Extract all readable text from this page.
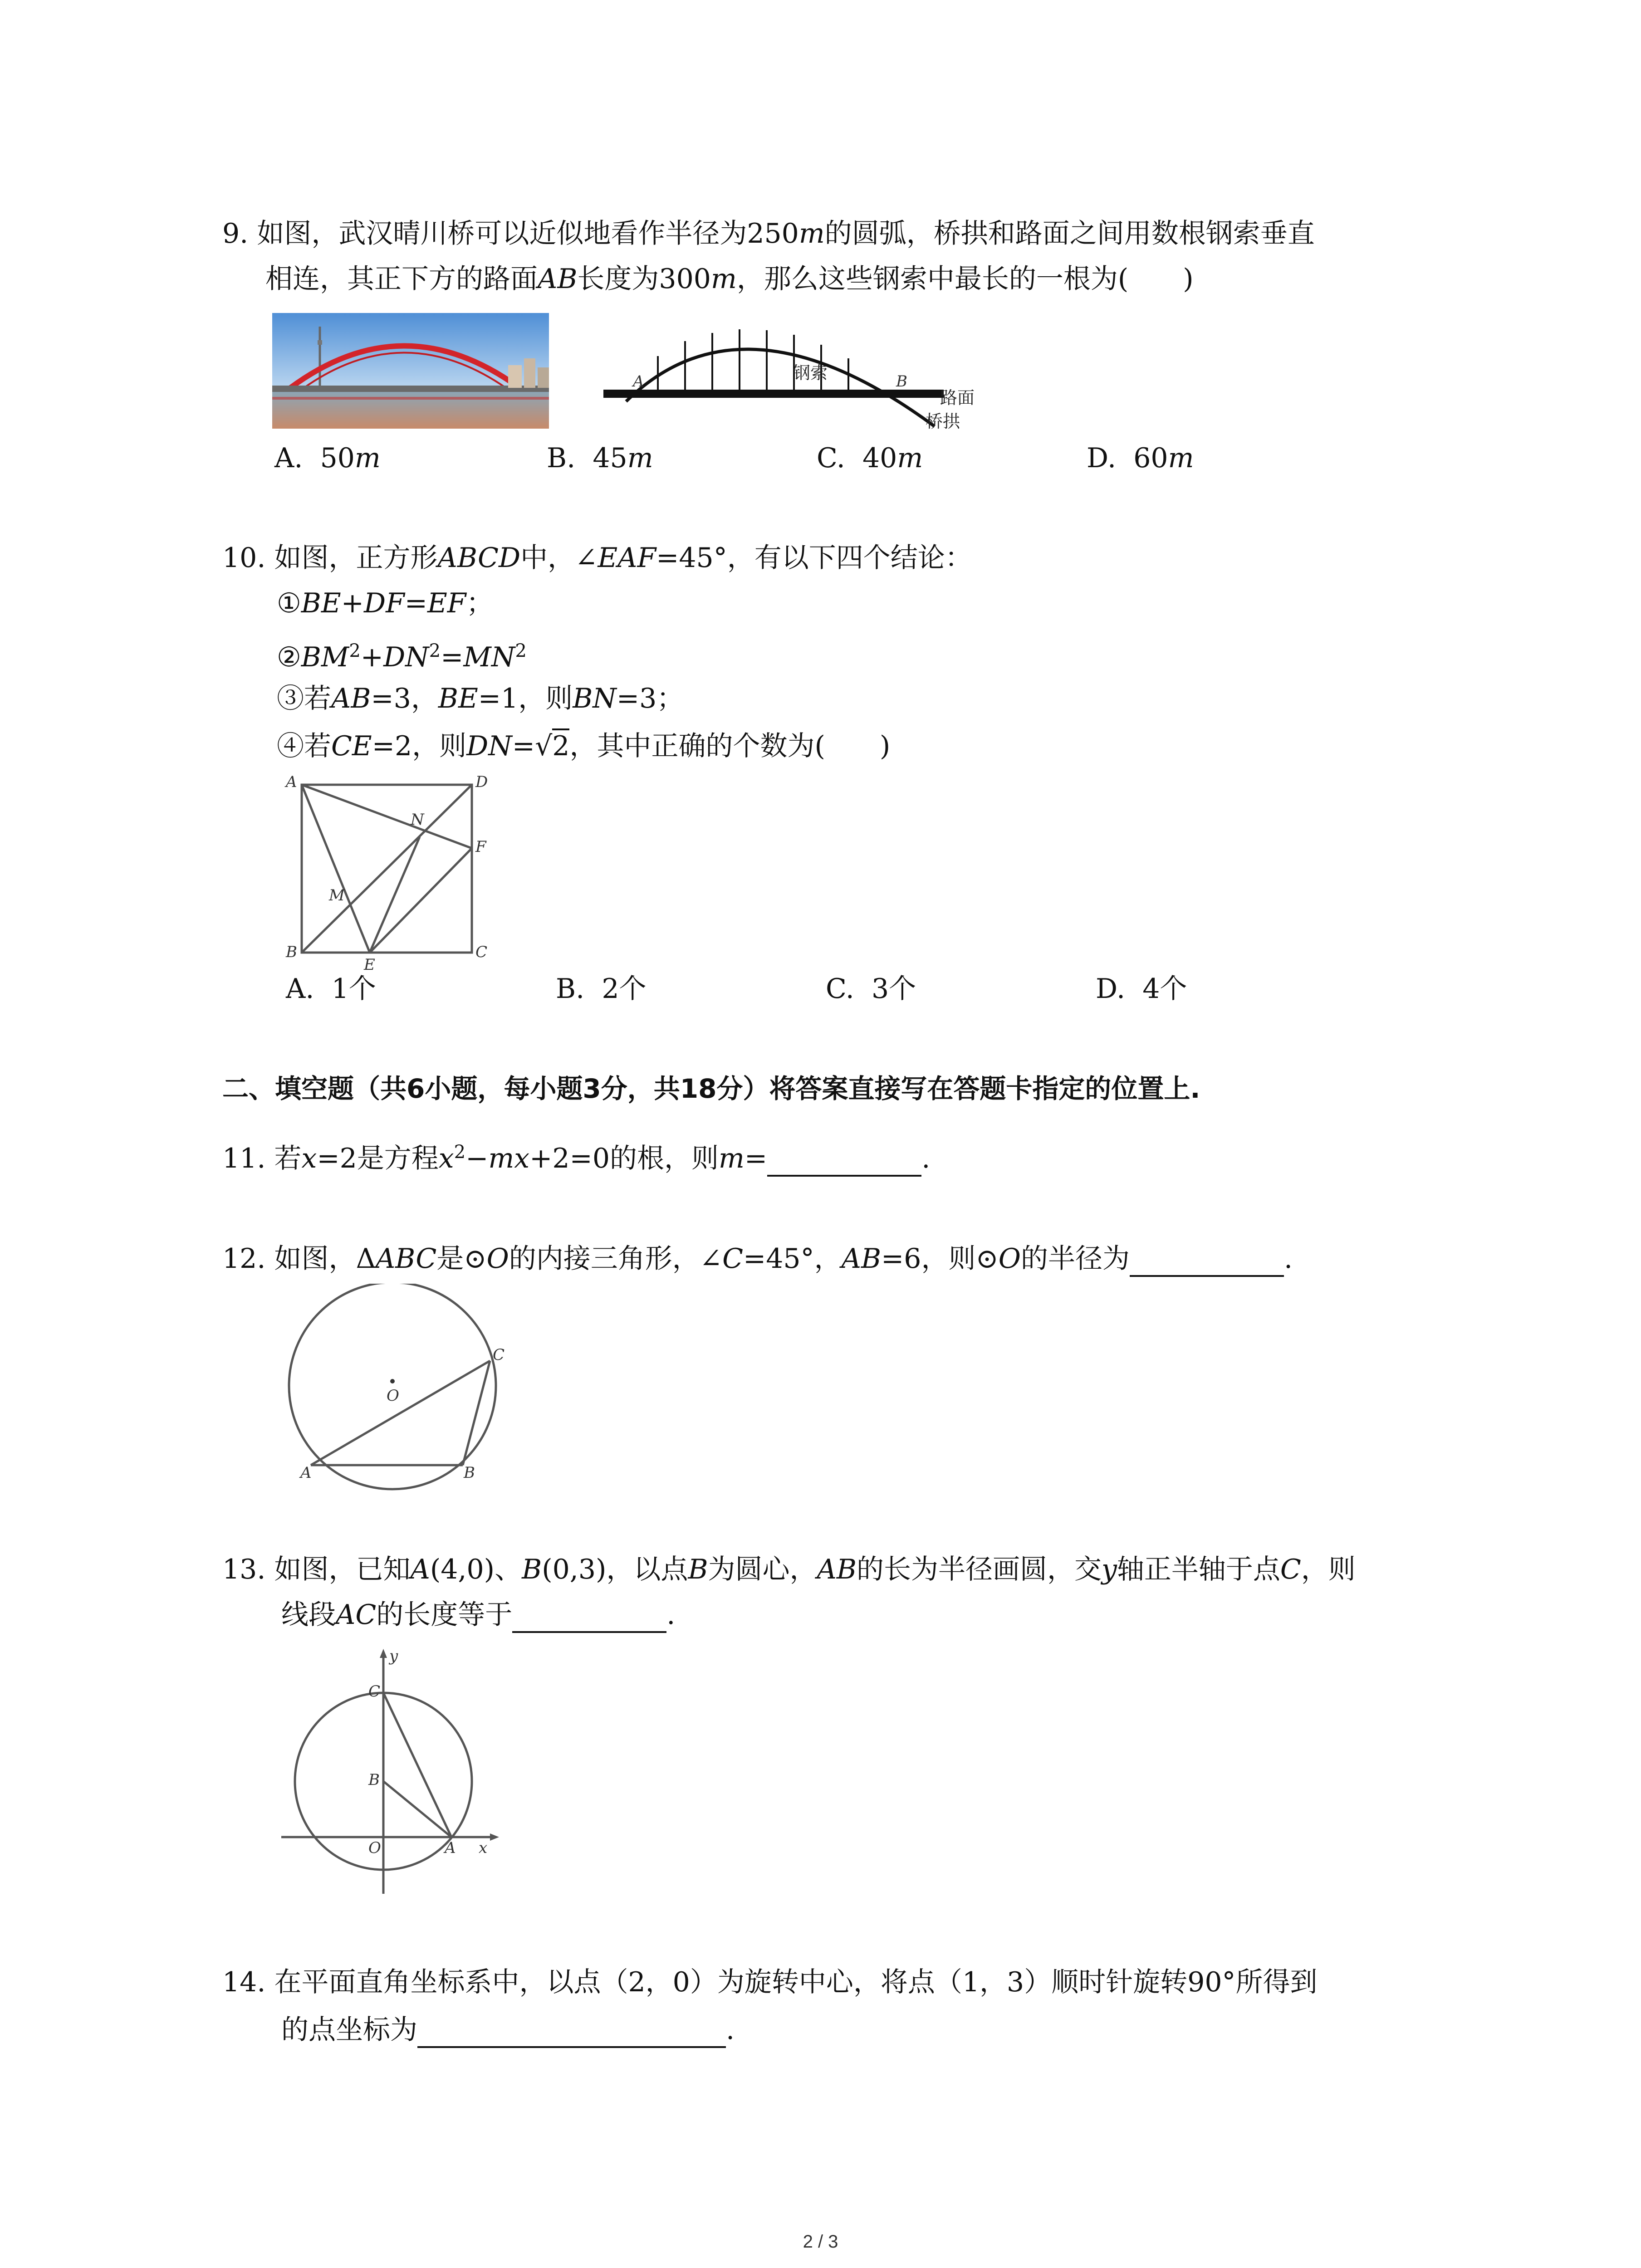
9. 如图，武汉晴川桥可以近似地看作半径为250m的圆弧，桥拱和路面之间用数根钢索垂直
相连，其正下方的路面AB长度为300m，那么这些钢索中最长的一根为(　　)
A	B
钢索
路面
桥拱
A. 50m	B. 45m	C. 40m	D. 60m
10. 如图，正方形ABCD中，∠EAF=45°，有以下四个结论：
①BE+DF=EF；
$②BM^2+DN^2=MN^2$
③若AB=3，BE=1，则BN=3；
④若CE=2，则DN=√2，其中正确的个数为(　　)
A	D
B	C
E
F
M
N
A. 1个	B. 2个	C. 3个	D. 4个
二、填空题（共6小题，每小题3分，共18分）将答案直接写在答题卡指定的位置上.
11. 若x=2是方程$x^2-mx+2=0$的根，则m=	.
12. 如图，ΔABC是⊙O的内接三角形，∠C=45°，AB=6，则⊙O的半径为	.
O
A	B
C
13. 如图，已知A(4,0)、B(0,3)，以点B为圆心，AB的长为半径画圆，交y轴正半轴于点C，则
线段AC的长度等于	.
y
C
B
O	A x
14. 在平面直角坐标系中，以点（2，0）为旋转中心，将点（1，3）顺时针旋转90°所得到
的点坐标为	.
2 / 3
